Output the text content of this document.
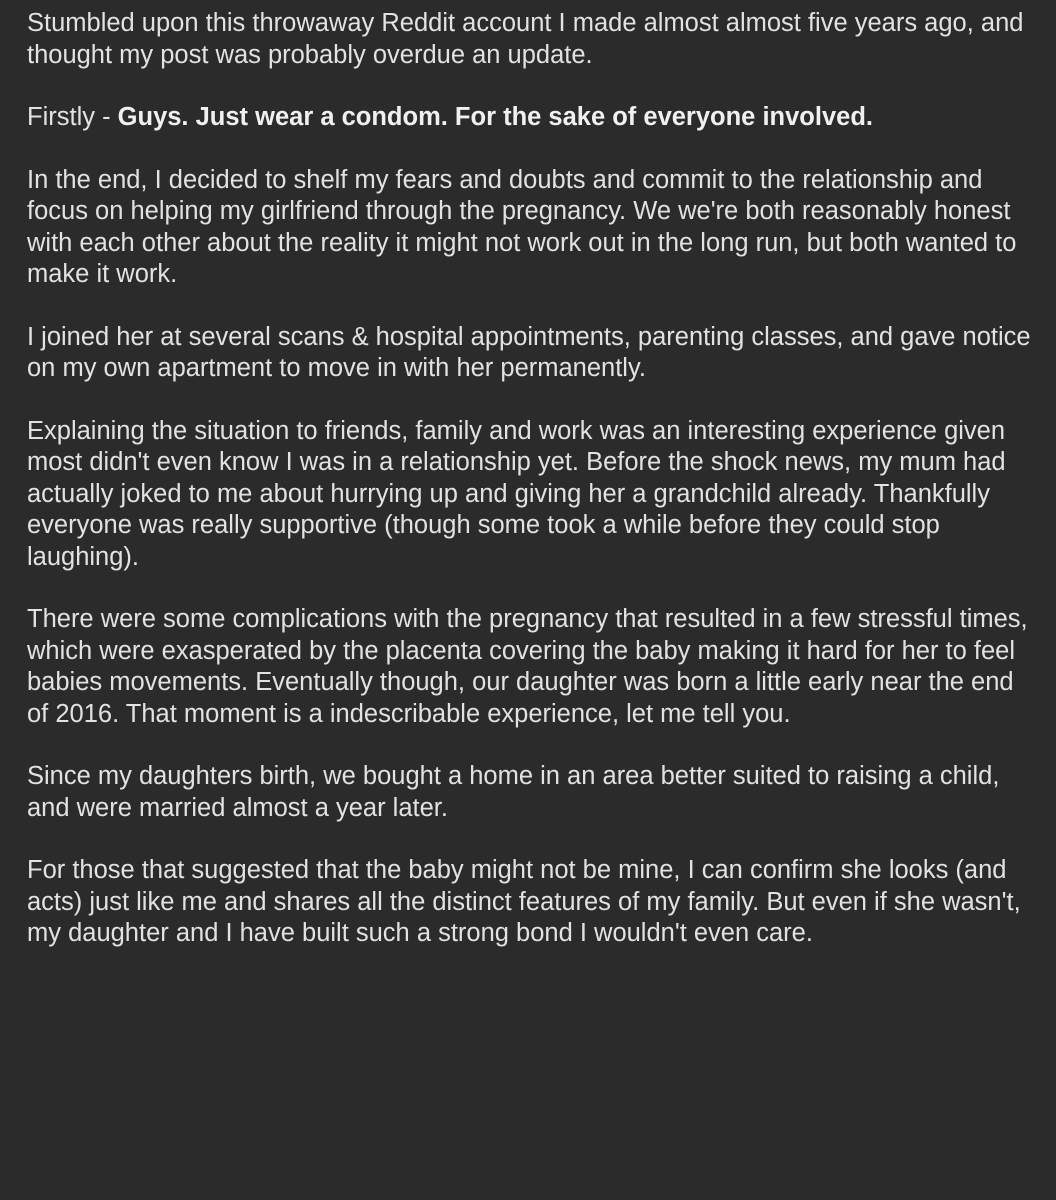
Stumbled upon this throwaway Reddit account I made almost almost five years ago, and thought my post was probably overdue an update.

Firstly - Guys. Just wear a condom. For the sake of everyone involved.

In the end, I decided to shelf my fears and doubts and commit to the relationship and focus on helping my girlfriend through the pregnancy. We we're both reasonably honest with each other about the reality it might not work out in the long run, but both wanted to make it work.

I joined her at several scans & hospital appointments, parenting classes, and gave notice on my own apartment to move in with her permanently.

Explaining the situation to friends, family and work was an interesting experience given most didn't even know I was in a relationship yet. Before the shock news, my mum had actually joked to me about hurrying up and giving her a grandchild already. Thankfully everyone was really supportive (though some took a while before they could stop laughing).

There were some complications with the pregnancy that resulted in a few stressful times, which were exasperated by the placenta covering the baby making it hard for her to feel babies movements. Eventually though, our daughter was born a little early near the end of 2016. That moment is a indescribable experience, let me tell you.

Since my daughters birth, we bought a home in an area better suited to raising a child, and were married almost a year later.

For those that suggested that the baby might not be mine, I can confirm she looks (and acts) just like me and shares all the distinct features of my family. But even if she wasn't, my daughter and I have built such a strong bond I wouldn't even care.
